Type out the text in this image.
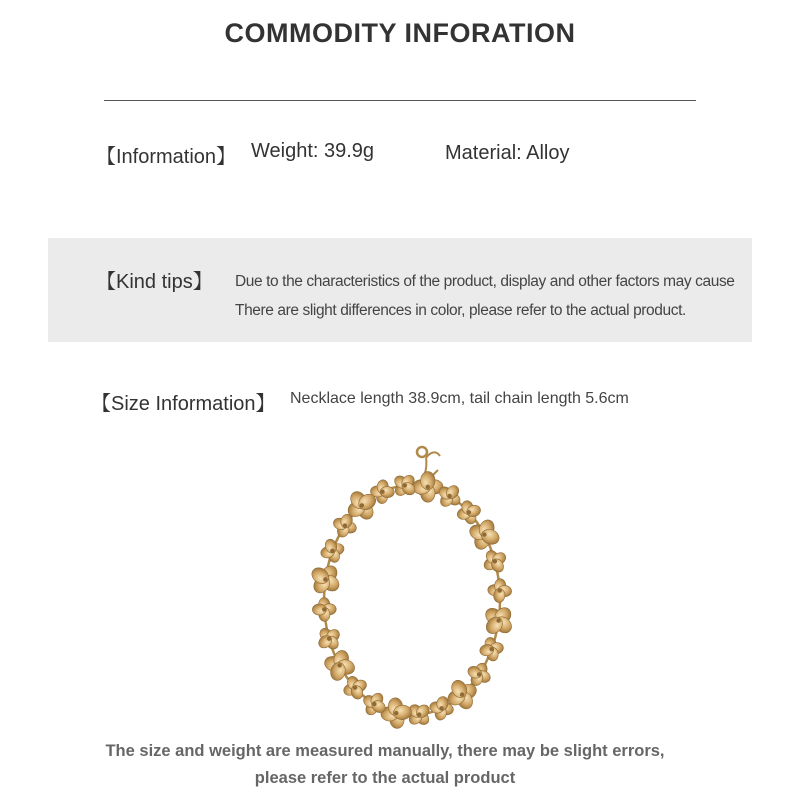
COMMODITY INFORATION
【Information】 Weight: 39.9g	Material: Alloy
【Kind tips】 Due to the characteristics of the product, display and other factors may cause
There are slight differences in color, please refer to the actual product.
【Size Information】 Necklace length 38.9cm, tail chain length 5.6cm
The size and weight are measured manually, there may be slight errors,
please refer to the actual product
